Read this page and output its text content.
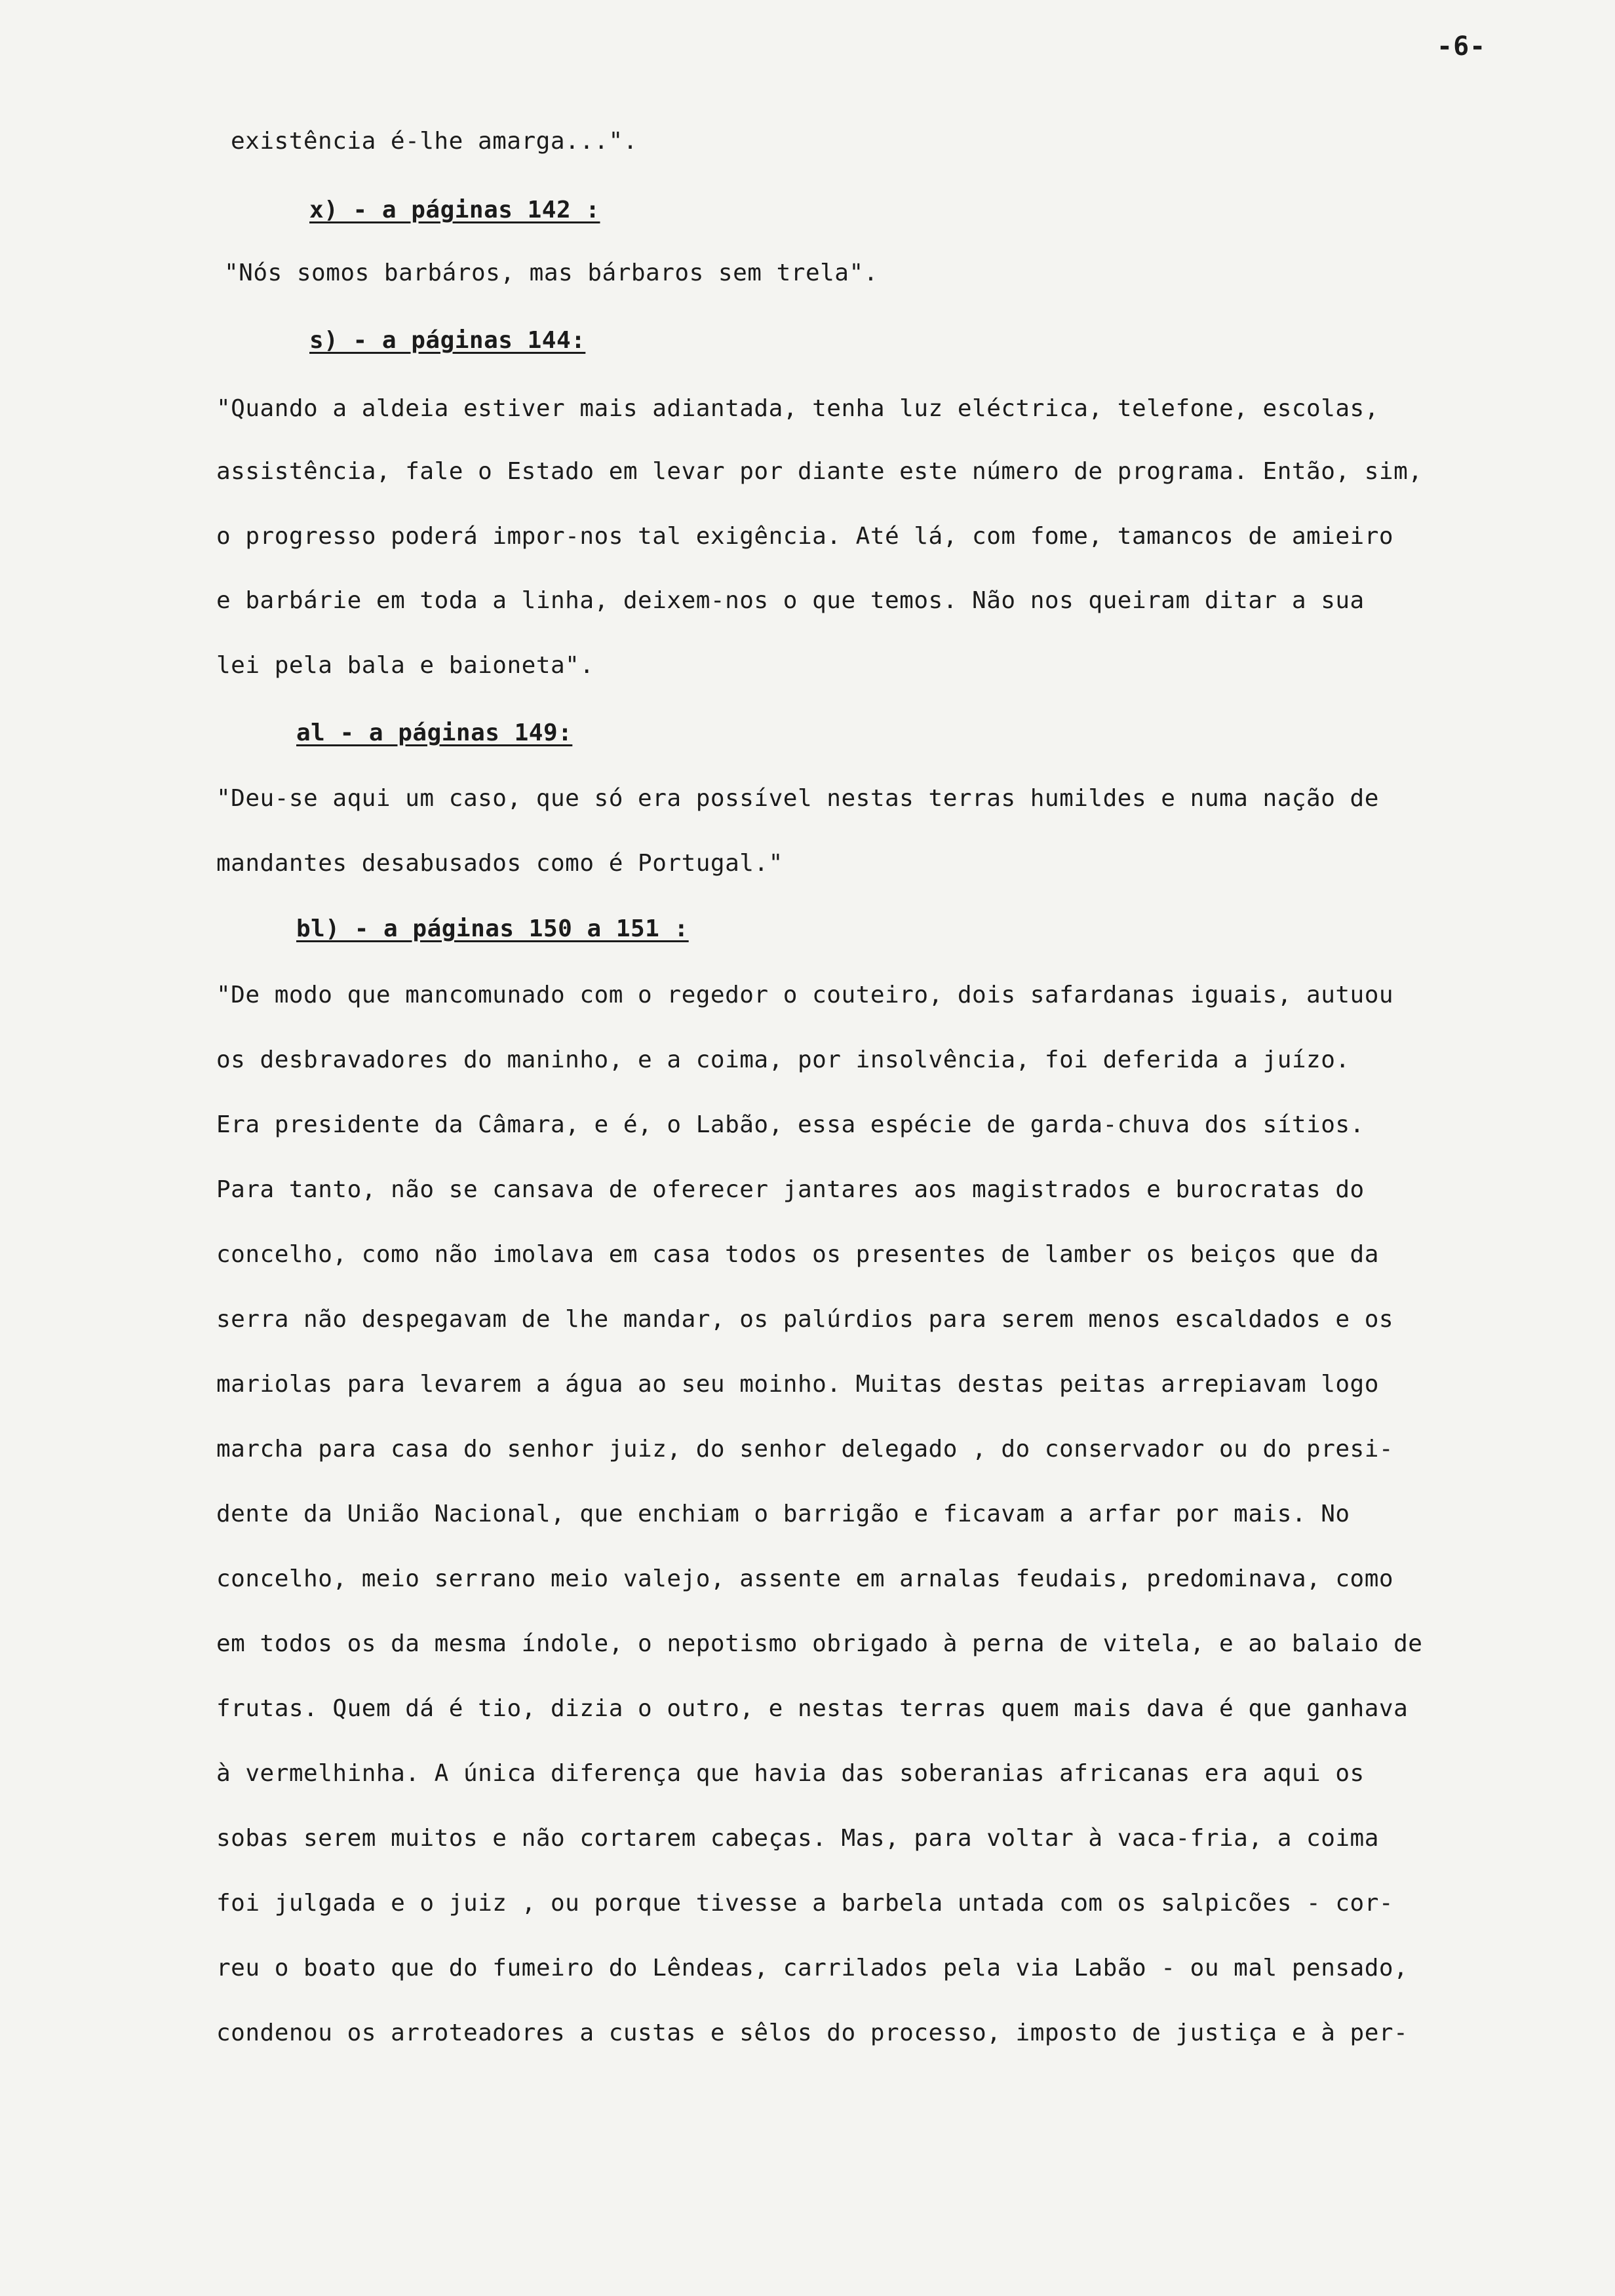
-6-

existência é-lhe amarga...".

x) - a páginas 142 :

"Nós somos barbáros, mas bárbaros sem trela".

s) - a páginas 144:

"Quando a aldeia estiver mais adiantada, tenha luz eléctrica, telefone, escolas,

assistência, fale o Estado em levar por diante este número de programa. Então, sim,

o progresso poderá impor-nos tal exigência. Até lá, com fome, tamancos de amieiro

e barbárie em toda a linha, deixem-nos o que temos. Não nos queiram ditar a sua

lei pela bala e baioneta".

al - a páginas 149:

"Deu-se aqui um caso, que só era possível nestas terras humildes e numa nação de

mandantes desabusados como é Portugal."

bl) - a páginas 150 a 151 :

"De modo que mancomunado com o regedor o couteiro, dois safardanas iguais, autuou

os desbravadores do maninho, e a coima, por insolvência, foi deferida a juízo.

Era presidente da Câmara, e é, o Labão, essa espécie de garda-chuva dos sítios.

Para tanto, não se cansava de oferecer jantares aos magistrados e burocratas do

concelho, como não imolava em casa todos os presentes de lamber os beiços que da

serra não despegavam de lhe mandar, os palúrdios para serem menos escaldados e os

mariolas para levarem a água ao seu moinho. Muitas destas peitas arrepiavam logo

marcha para casa do senhor juiz, do senhor delegado , do conservador ou do presi-

dente da União Nacional, que enchiam o barrigão e ficavam a arfar por mais. No

concelho, meio serrano meio valejo, assente em arnalas feudais, predominava, como

em todos os da mesma índole, o nepotismo obrigado à perna de vitela, e ao balaio de

frutas. Quem dá é tio, dizia o outro, e nestas terras quem mais dava é que ganhava

à vermelhinha. A única diferença que havia das soberanias africanas era aqui os

sobas serem muitos e não cortarem cabeças. Mas, para voltar à vaca-fria, a coima

foi julgada e o juiz , ou porque tivesse a barbela untada com os salpicões - cor-

reu o boato que do fumeiro do Lêndeas, carrilados pela via Labão - ou mal pensado,

condenou os arroteadores a custas e sêlos do processo, imposto de justiça e à per-
